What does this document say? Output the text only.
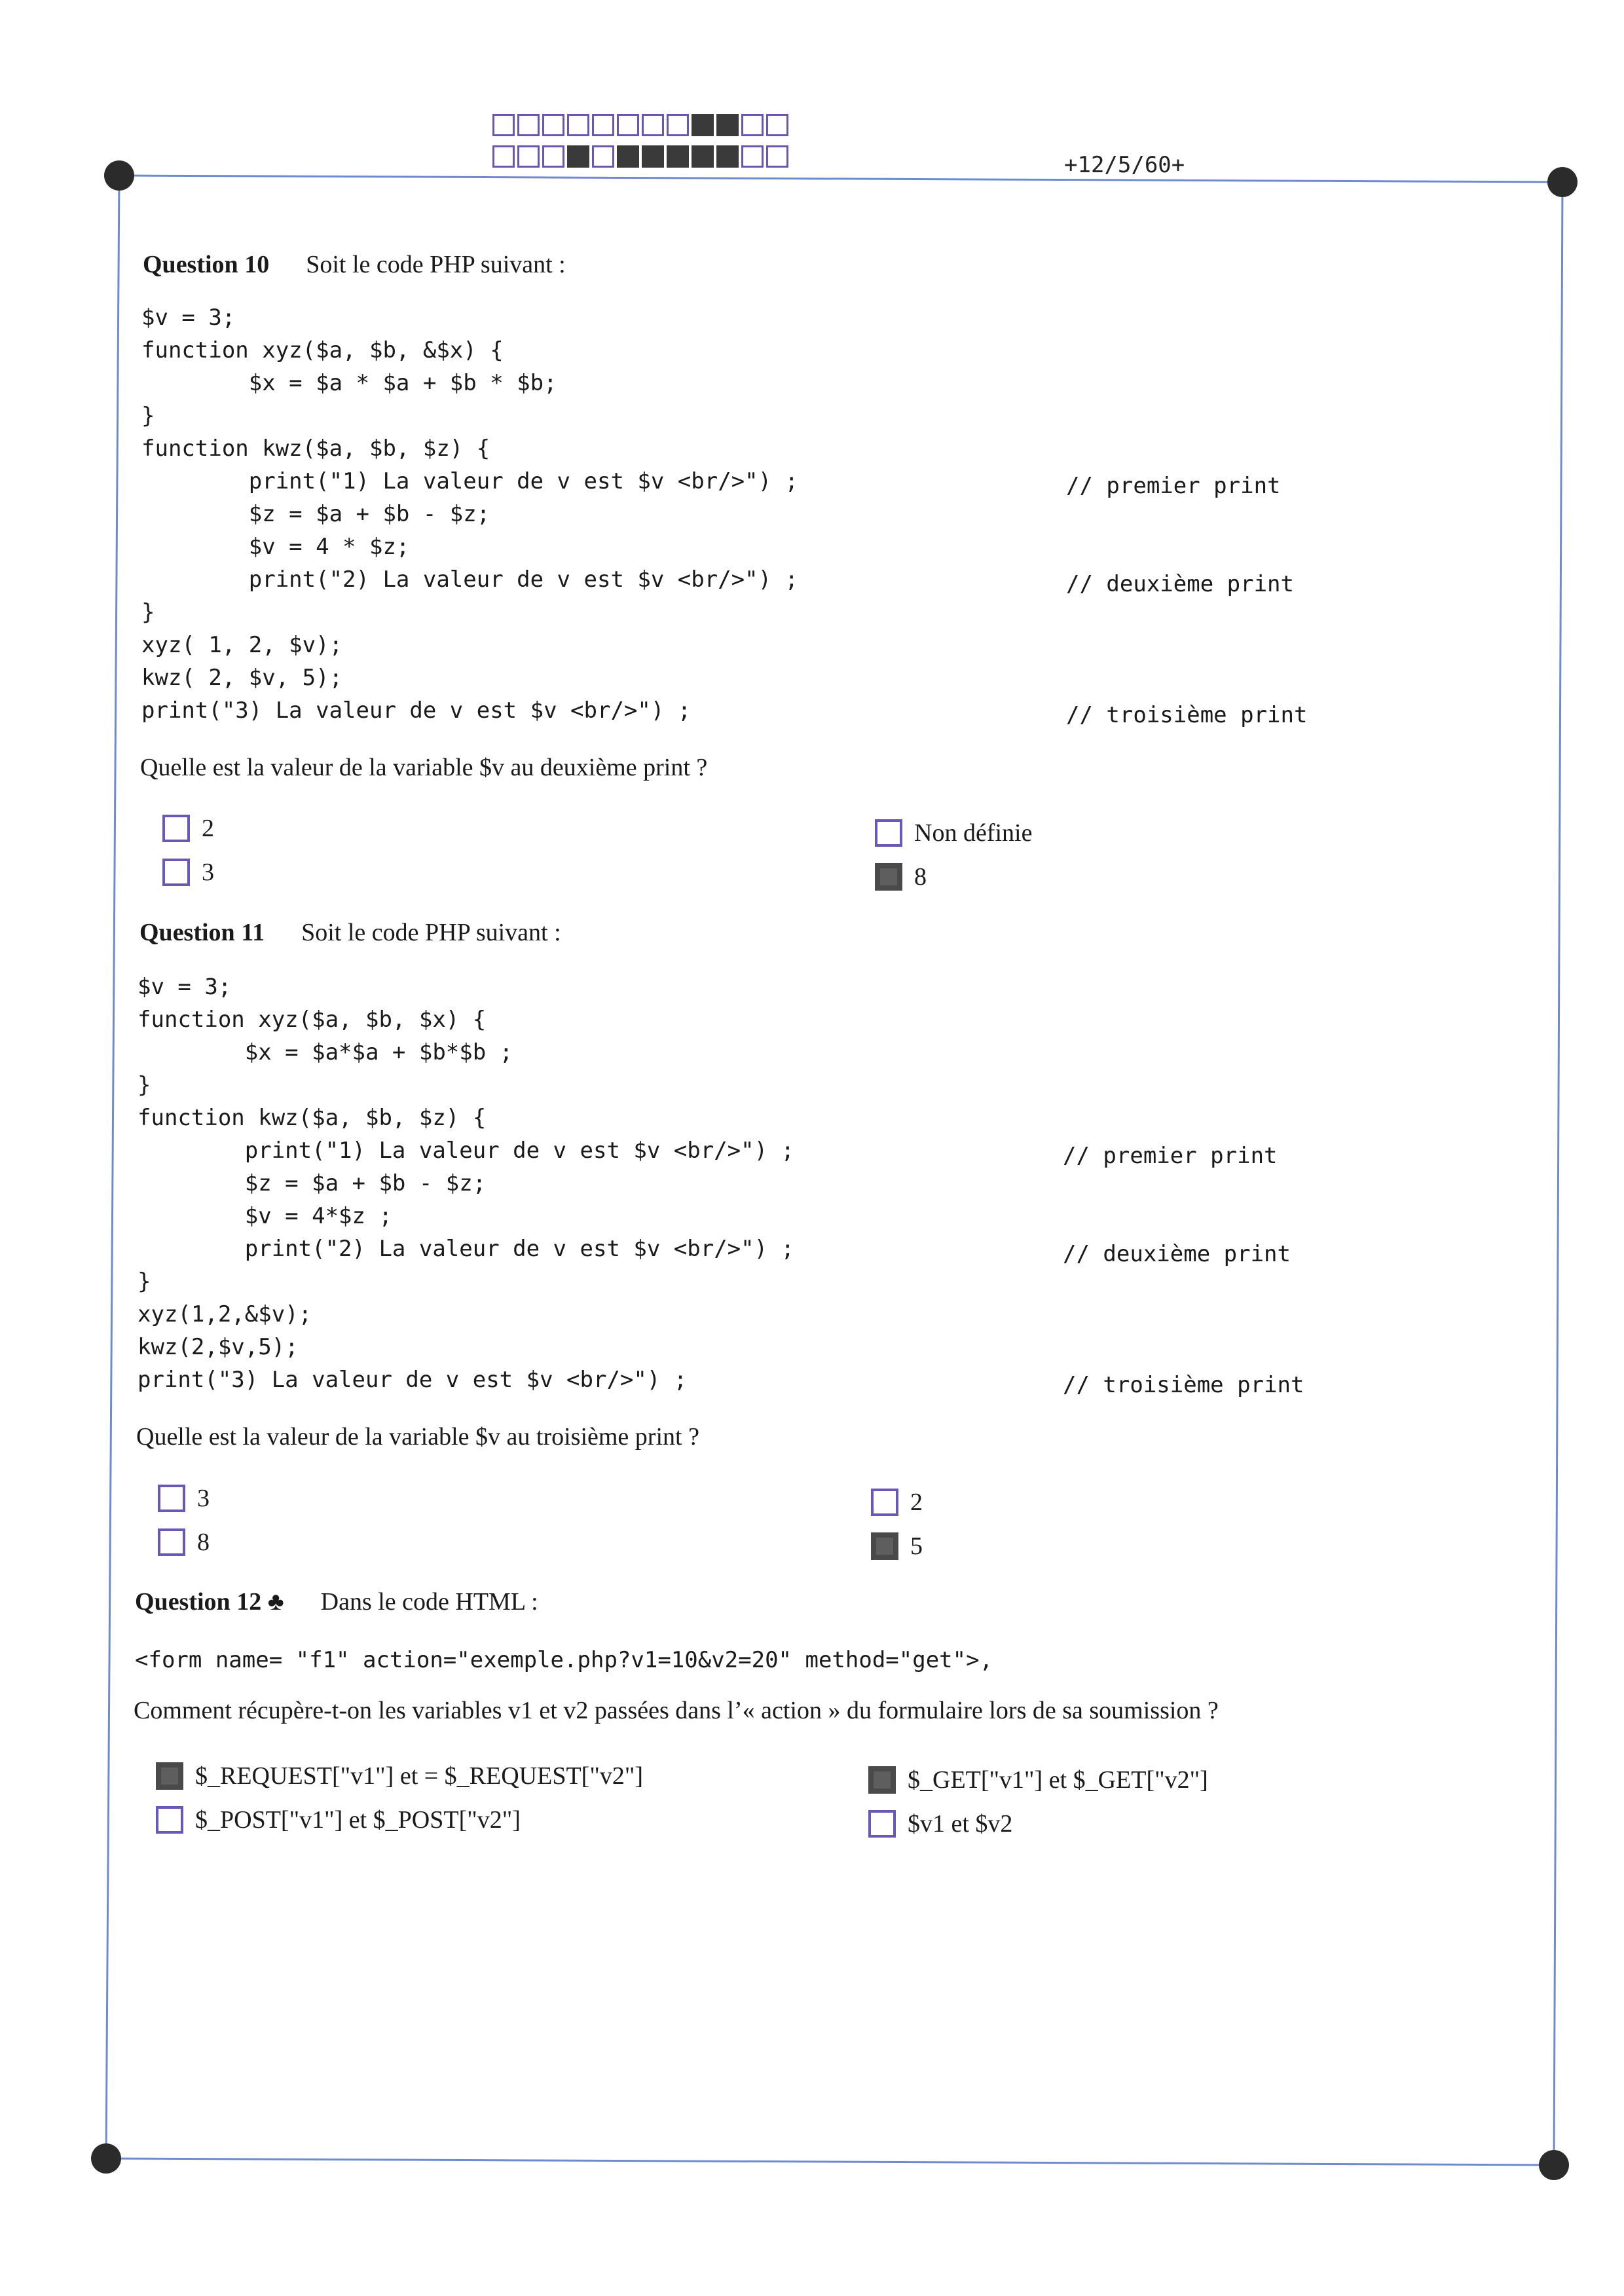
+12/5/60+
Question 10 Soit le code PHP suivant :
$v = 3;
function xyz($a, $b, &$x) {
$x = $a * $a + $b * $b;
}
function kwz($a, $b, $z) {
print("1) La valeur de v est $v <br/>") ;
$z = $a + $b - $z;
$v = 4 * $z;
print("2) La valeur de v est $v <br/>") ;
}
xyz( 1, 2, $v);
kwz( 2, $v, 5);
print("3) La valeur de v est $v <br/>") ;
// premier print
// deuxième print
// troisième print
Quelle est la valeur de la variable $v au deuxième print ?
2
3
Non définie
8
Question 11 Soit le code PHP suivant :
$v = 3;
function xyz($a, $b, $x) {
$x = $a*$a + $b*$b ;
}
function kwz($a, $b, $z) {
print("1) La valeur de v est $v <br/>") ;
$z = $a + $b - $z;
$v = 4*$z ;
print("2) La valeur de v est $v <br/>") ;
}
xyz(1,2,&$v);
kwz(2,$v,5);
print("3) La valeur de v est $v <br/>") ;
// premier print
// deuxième print
// troisième print
Quelle est la valeur de la variable $v au troisième print ?
3
8
2
5
Question 12 ♣ Dans le code HTML :
<form name= "f1" action="exemple.php?v1=10&v2=20" method="get">,
Comment récupère-t-on les variables v1 et v2 passées dans l’« action » du formulaire lors de sa soumission ?
$_REQUEST["v1"] et = $_REQUEST["v2"]
$_POST["v1"] et $_POST["v2"]
$_GET["v1"] et $_GET["v2"]
$v1 et $v2
